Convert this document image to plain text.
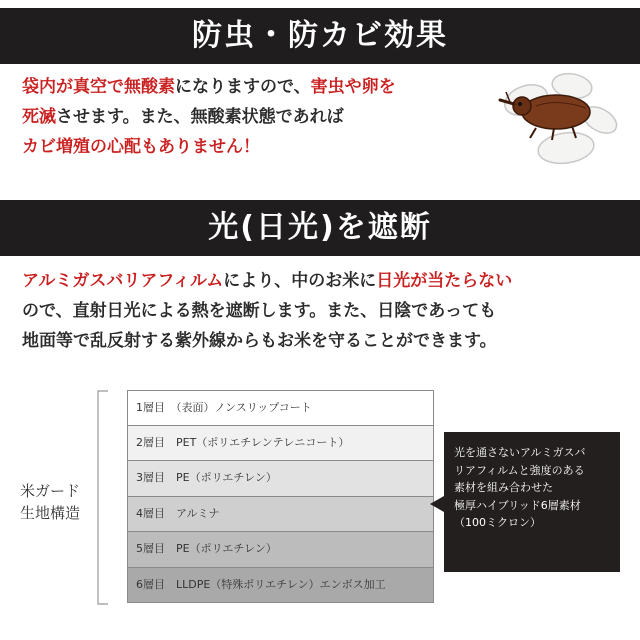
防虫・防カビ効果
袋内が真空で無酸素になりますので、害虫や卵を
死滅させます。また、無酸素状態であれば
カビ増殖の心配もありません！
光(日光)を遮断
アルミガスバリアフィルムにより、中のお米に日光が当たらない
ので、直射日光による熱を遮断します。また、日陰であっても
地面等で乱反射する紫外線からもお米を守ることができます。
米ガード
生地構造
1層目　（表面）ノンスリップコート
2層目　PET（ポリエチレンテレニコート）
3層目　PE（ポリエチレン）
4層目　アルミナ
5層目　PE（ポリエチレン）
6層目　LLDPE（特殊ポリエチレン）エンボス加工
光を通さないアルミガスバ
リアフィルムと強度のある
素材を組み合わせた
極厚ハイブリッド6層素材
（100ミクロン）
